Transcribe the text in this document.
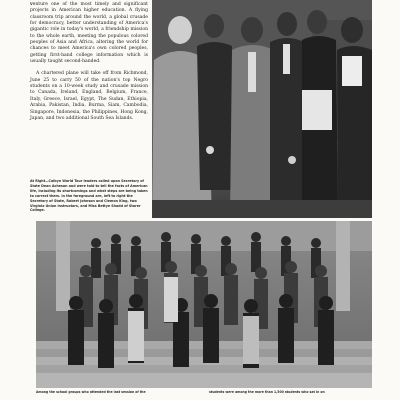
venture one of the most timely and significant projects in American higher education. A flying classroom trip around the world, a global crusade for democracy, better understanding of America's gigantic role in today's world, a friendship mission to the whole earth, meeting the populous colored peoples of Asia and Africa, altering the world for chances to meet America's own colored peoples, getting first-hand college information which is usually taught second-handed.

A chartered plane will take off from Richmond, June 25 to carry 50 of the nation's top Negro students on a 10-week study and crusade mission to Canada, Ireland, England, Belgium, France, Italy, Greece, Israel, Egypt, The Sudan, Ethiopia, Arabia, Pakistan, India, Burma, Siam, Cambodia, Singapore, Indonesia, the Philippines, Hong Kong, Japan, and two additional South Sea Islands.

At Right—Calbyn World Tour leaders called upon Secretary of State Dean Acheson and were told to tell the facts of American life, including its shortcomings and what steps are being taken to correct them. In the foreground are, left to right the Secretary of State, Robert Johnson and Clemon King, two Virginia Union instructors, and Miss Bettye Shadd of Storer College.
Among the school groups who attended the last session of the	students were among the more than 1,500 students who sat in on
